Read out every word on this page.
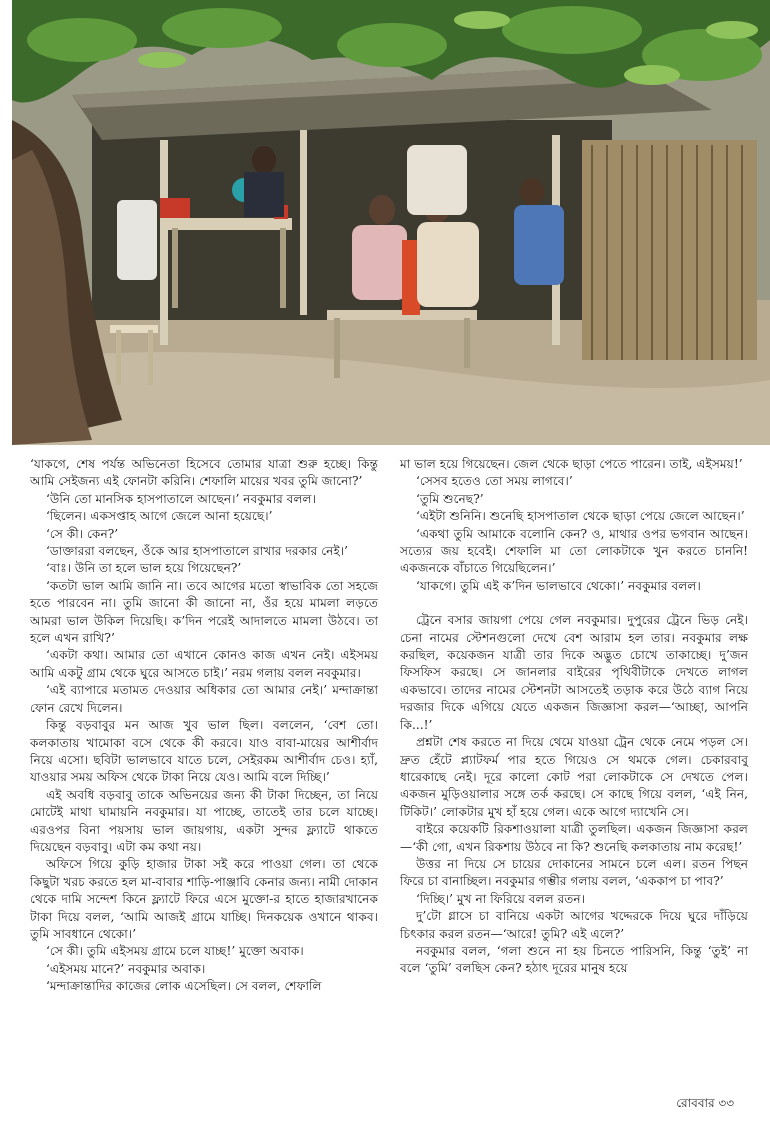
‘যাকগে, শেষ পর্যন্ত অভিনেতা হিসেবে তোমার যাত্রা শুরু হচ্ছে। কিন্তু আমি সেইজন্য এই ফোনটা করিনি। শেফালি মায়ের খবর তুমি জানো?’

‘উনি তো মানসিক হাসপাতালে আছেন।’ নবকুমার বলল।

‘ছিলেন। একসপ্তাহ আগে জেলে আনা হয়েছে।’

‘সে কী। কেন?’

‘ডাক্তাররা বলছেন, ওঁকে আর হাসপাতালে রাখার দরকার নেই।’

‘বাঃ। উনি তা হলে ভাল হয়ে গিয়েছেন?’

‘কতটা ভাল আমি জানি না। তবে আগের মতো স্বাভাবিক তো সহজে হতে পারবেন না। তুমি জানো কী জানো না, ওঁর হয়ে মামলা লড়তে আমরা ভাল উকিল দিয়েছি। ক’দিন পরেই আদালতে মামলা উঠবে। তা হলে এখন রাখি?’

‘একটা কথা। আমার তো এখানে কোনও কাজ এখন নেই। এইসময় আমি একটু গ্রাম থেকে ঘুরে আসতে চাই।’ নরম গলায় বলল নবকুমার।

‘এই ব্যাপারে মতামত দেওয়ার অধিকার তো আমার নেই।’ মন্দাক্রান্তা ফোন রেখে দিলেন।

কিন্তু বড়বাবুর মন আজ খুব ভাল ছিল। বললেন, ‘বেশ তো। কলকাতায় খামোকা বসে থেকে কী করবে। যাও বাবা-মায়ের আশীর্বাদ নিয়ে এসো। ছবিটা ভালভাবে যাতে চলে, সেইরকম আশীর্বাদ চেও। হ্যাঁ, যাওয়ার সময় অফিস থেকে টাকা নিয়ে যেও। আমি বলে দিচ্ছি।’

এই অবধি বড়বাবু তাকে অভিনয়ের জন্য কী টাকা দিচ্ছেন, তা নিয়ে মোটেই মাথা ঘামায়নি নবকুমার। যা পাচ্ছে, তাতেই তার চলে যাচ্ছে। এরওপর বিনা পয়সায় ভাল জায়গায়, একটা সুন্দর ফ্ল্যাটে থাকতে দিয়েছেন বড়বাবু। এটা কম কথা নয়।

অফিসে গিয়ে কুড়ি হাজার টাকা সই করে পাওয়া গেল। তা থেকে কিছুটা খরচ করতে হল মা-বাবার শাড়ি-পাঞ্জাবি কেনার জন্য। নামী দোকান থেকে দামি সন্দেশ কিনে ফ্ল্যাটে ফিরে এসে মুক্তো-র হাতে হাজারখানেক টাকা দিয়ে বলল, ‘আমি আজই গ্রামে যাচ্ছি। দিনকয়েক ওখানে থাকব। তুমি সাবধানে থেকো।’

‘সে কী। তুমি এইসময় গ্রামে চলে যাচ্ছ!’ মুক্তো অবাক।

‘এইসময় মানে?’ নবকুমার অবাক।

‘মন্দাক্রান্তাদির কাজের লোক এসেছিল। সে বলল, শেফালি

মা ভাল হয়ে গিয়েছেন। জেল থেকে ছাড়া পেতে পারেন। তাই, এইসময়!’

‘সেসব হতেও তো সময় লাগবে।’

‘তুমি শুনেছ?’

‘এইটা শুনিনি। শুনেছি হাসপাতাল থেকে ছাড়া পেয়ে জেলে আছেন।’

‘একথা তুমি আমাকে বলোনি কেন? ও, মাথার ওপর ভগবান আছেন। সত্যের জয় হবেই। শেফালি মা তো লোকটাকে খুন করতে চাননি! একজনকে বাঁচাতে গিয়েছিলেন।’

‘যাকগে। তুমি এই ক’দিন ভালভাবে থেকো।’ নবকুমার বলল।

ট্রেনে বসার জায়গা পেয়ে গেল নবকুমার। দুপুরের ট্রেনে ভিড় নেই। চেনা নামের স্টেশনগুলো দেখে বেশ আরাম হল তার। নবকুমার লক্ষ করছিল, কয়েকজন যাত্রী তার দিকে অদ্ভুত চোখে তাকাচ্ছে। দু’জন ফিসফিস করছে। সে জানলার বাইরের পৃথিবীটাকে দেখতে লাগল একভাবে। তাদের নামের স্টেশনটা আসতেই তড়াক করে উঠে ব্যাগ নিয়ে দরজার দিকে এগিয়ে যেতে একজন জিজ্ঞাসা করল—‘আচ্ছা, আপনি কি...!’

প্রশ্নটা শেষ করতে না দিয়ে থেমে যাওয়া ট্রেন থেকে নেমে পড়ল সে। দ্রুত হেঁটে প্ল্যাটফর্ম পার হতে গিয়েও সে থমকে গেল। চেকারবাবু ধারেকাছে নেই। দূরে কালো কোট পরা লোকটাকে সে দেখতে পেল। একজন মুড়িওয়ালার সঙ্গে তর্ক করছে। সে কাছে গিয়ে বলল, ‘এই নিন, টিকিট।’ লোকটার মুখ হাঁ হয়ে গেল। একে আগে দ্যাখেনি সে।

বাইরে কয়েকটি রিকশাওয়ালা যাত্রী তুলছিল। একজন জিজ্ঞাসা করল—‘কী গো, এখন রিকশায় উঠবে না কি? শুনেছি কলকাতায় নাম করেছ!’

উত্তর না দিয়ে সে চায়ের দোকানের সামনে চলে এল। রতন পিছন ফিরে চা বানাচ্ছিল। নবকুমার গম্ভীর গলায় বলল, ‘এককাপ চা পাব?’

‘দিচ্ছি।’ মুখ না ফিরিয়ে বলল রতন।

দু’টো গ্লাসে চা বানিয়ে একটা আগের খদ্দেরকে দিয়ে ঘুরে দাঁড়িয়ে চিৎকার করল রতন—‘আরে! তুমি? এই এলে?’

নবকুমার বলল, ‘গলা শুনে না হয় চিনতে পারিসনি, কিন্তু ‘তুই’ না বলে ‘তুমি’ বলছিস কেন? হঠাৎ দূরের মানুষ হয়ে

রোববার ৩৩
